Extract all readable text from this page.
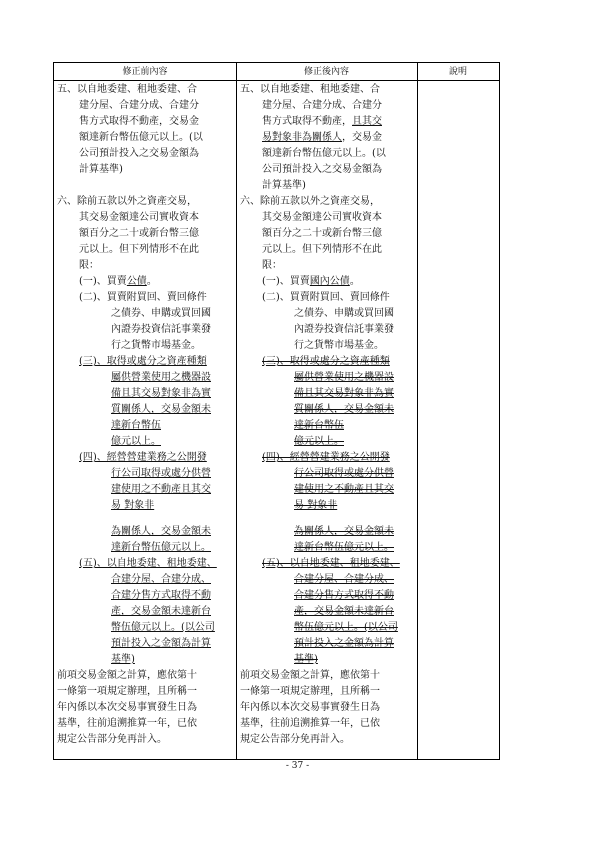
修正前內容	修正後內容	說明

五、以自地委建、租地委建、合
建分屋、合建分成、合建分
售方式取得不動產，交易金
額達新台幣伍億元以上。(以
公司預計投入之交易金額為
計算基準)

六、除前五款以外之資產交易，
其交易金額達公司實收資本
額百分之二十或新台幣三億
元以上。但下列情形不在此
限：

(一)、買賣公債。

(二)、買賣附買回、賣回條件
之債券、申購或買回國
內證券投資信託事業發
行之貨幣市場基金。

(三)、取得或處分之資產種類
屬供營業使用之機器設
備且其交易對象非為實
質關係人，交易金額未
達新台幣伍
億元以上。

(四)、經營營建業務之公開發
行公司取得或處分供營
建使用之不動產且其交
易 對象非
為關係人，交易金額未
達新台幣伍億元以上。

(五)、以自地委建、租地委建、
合建分屋、合建分成、
合建分售方式取得不動
產，交易金額未達新台
幣伍億元以上。(以公司
預計投入之金額為計算
基準)

前項交易金額之計算，應依第十
一條第一項規定辦理，且所稱一
年內係以本次交易事實發生日為
基準，往前追溯推算一年，已依
規定公告部分免再計入。

五、以自地委建、租地委建、合
建分屋、合建分成、合建分
售方式取得不動產，且其交
易對象非為關係人，交易金
額達新台幣伍億元以上。(以
公司預計投入之交易金額為
計算基準)

六、除前五款以外之資產交易，
其交易金額達公司實收資本
額百分之二十或新台幣三億
元以上。但下列情形不在此
限：

(一)、買賣國內公債。

(二)、買賣附買回、賣回條件
之債券、申購或買回國
內證券投資信託事業發
行之貨幣市場基金。

(三)、取得或處分之資產種類
屬供營業使用之機器設
備且其交易對象非為實
質關係人，交易金額未
達新台幣伍
億元以上。

(四)、經營營建業務之公開發
行公司取得或處分供營
建使用之不動產且其交
易 對象非
為關係人，交易金額未
達新台幣伍億元以上。

(五)、以自地委建、租地委建、
合建分屋、合建分成、
合建分售方式取得不動
產，交易金額未達新台
幣伍億元以上。(以公司
預計投入之金額為計算
基準)

前項交易金額之計算，應依第十
一條第一項規定辦理，且所稱一
年內係以本次交易事實發生日為
基準，往前追溯推算一年，已依
規定公告部分免再計入。

- 37 -
